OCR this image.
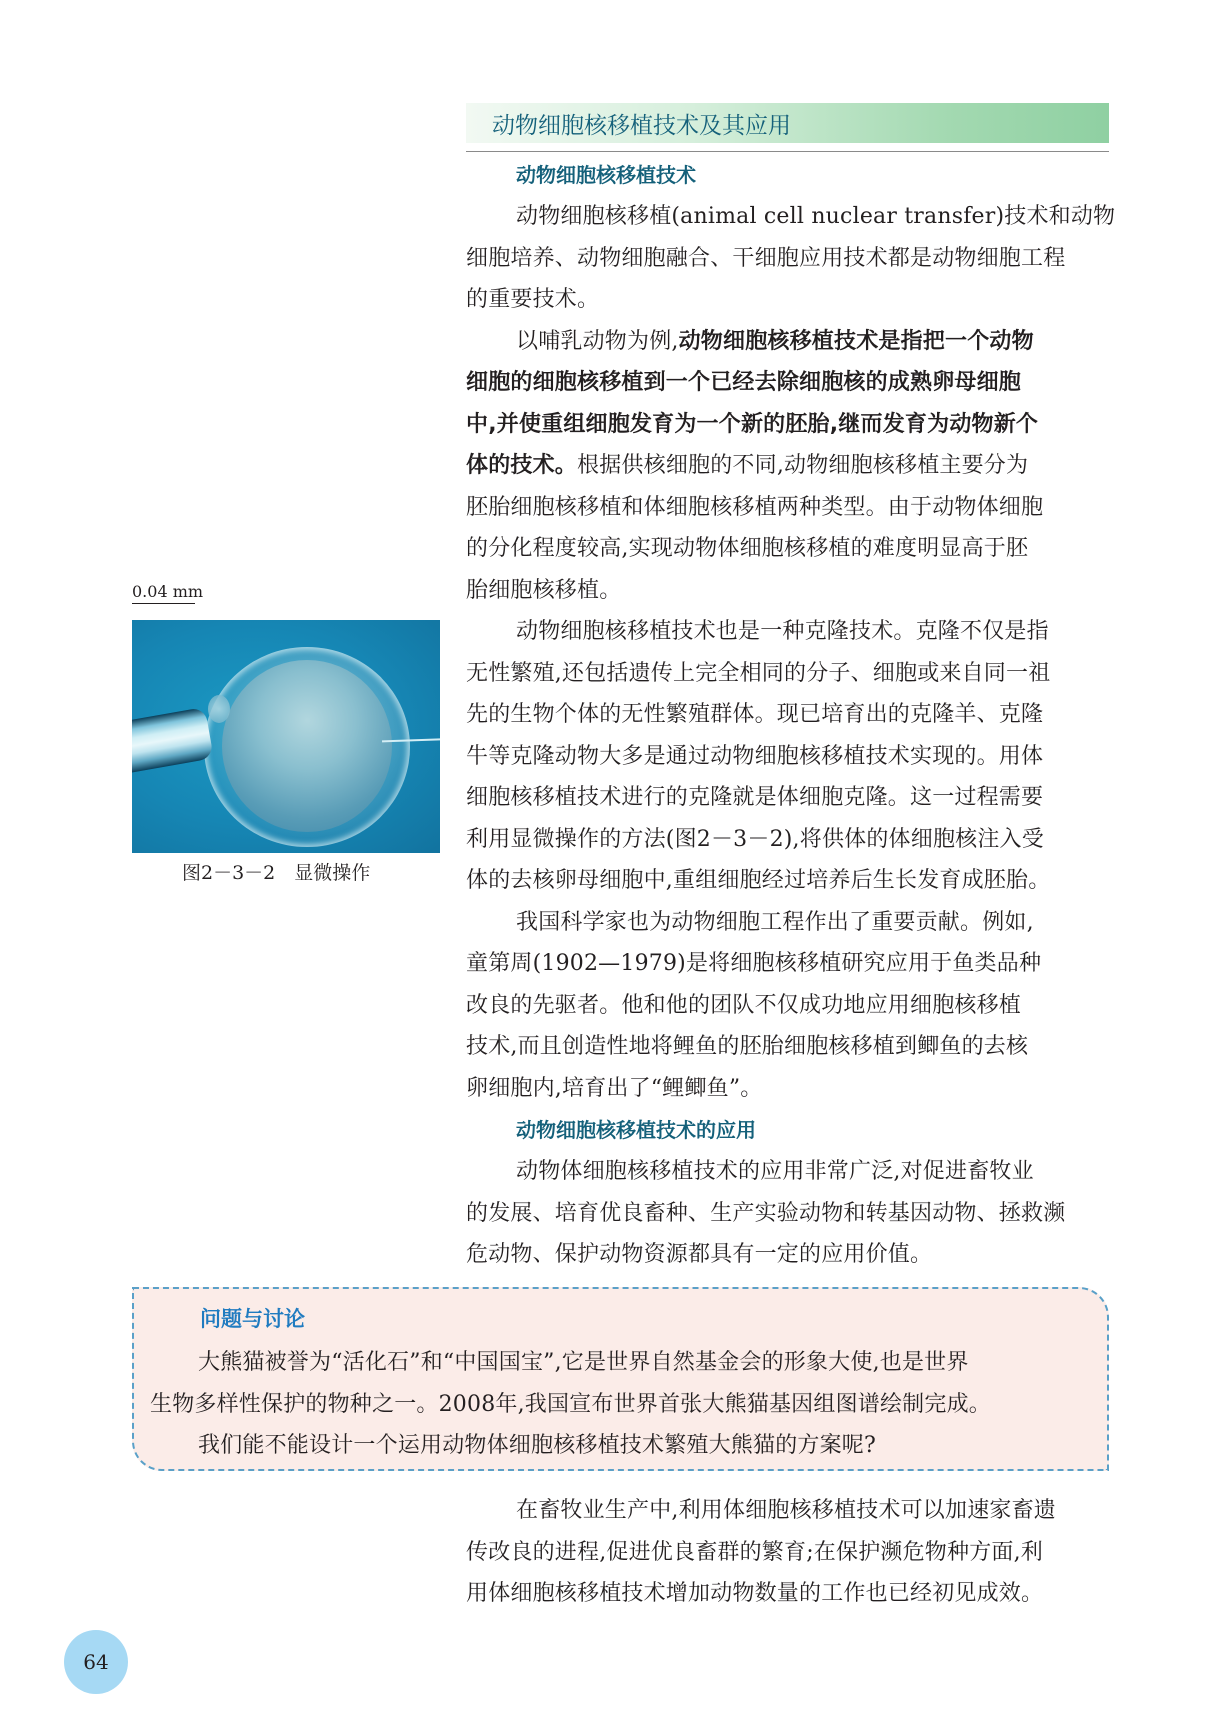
动物细胞核移植技术及其应用
动物细胞核移植技术
动物细胞核移植(animal cell nuclear transfer)技术和动物
细胞培养、动物细胞融合、干细胞应用技术都是动物细胞工程
的重要技术。
以哺乳动物为例,动物细胞核移植技术是指把一个动物
细胞的细胞核移植到一个已经去除细胞核的成熟卵母细胞
中,并使重组细胞发育为一个新的胚胎,继而发育为动物新个
体的技术。根据供核细胞的不同,动物细胞核移植主要分为
胚胎细胞核移植和体细胞核移植两种类型。由于动物体细胞
的分化程度较高,实现动物体细胞核移植的难度明显高于胚
胎细胞核移植。
动物细胞核移植技术也是一种克隆技术。克隆不仅是指
无性繁殖,还包括遗传上完全相同的分子、细胞或来自同一祖
先的生物个体的无性繁殖群体。现已培育出的克隆羊、克隆
牛等克隆动物大多是通过动物细胞核移植技术实现的。用体
细胞核移植技术进行的克隆就是体细胞克隆。这一过程需要
利用显微操作的方法(图2－3－2),将供体的体细胞核注入受
体的去核卵母细胞中,重组细胞经过培养后生长发育成胚胎。
我国科学家也为动物细胞工程作出了重要贡献。例如,
童第周(1902—1979)是将细胞核移植研究应用于鱼类品种
改良的先驱者。他和他的团队不仅成功地应用细胞核移植
技术,而且创造性地将鲤鱼的胚胎细胞核移植到鲫鱼的去核
卵细胞内,培育出了“鲤鲫鱼”。
动物细胞核移植技术的应用
动物体细胞核移植技术的应用非常广泛,对促进畜牧业
的发展、培育优良畜种、生产实验动物和转基因动物、拯救濒
危动物、保护动物资源都具有一定的应用价值。
0.04 mm
图2－3－2　显微操作
问题与讨论
大熊猫被誉为“活化石”和“中国国宝”,它是世界自然基金会的形象大使,也是世界
生物多样性保护的物种之一。2008年,我国宣布世界首张大熊猫基因组图谱绘制完成。
我们能不能设计一个运用动物体细胞核移植技术繁殖大熊猫的方案呢?
在畜牧业生产中,利用体细胞核移植技术可以加速家畜遗
传改良的进程,促进优良畜群的繁育;在保护濒危物种方面,利
用体细胞核移植技术增加动物数量的工作也已经初见成效。
64
